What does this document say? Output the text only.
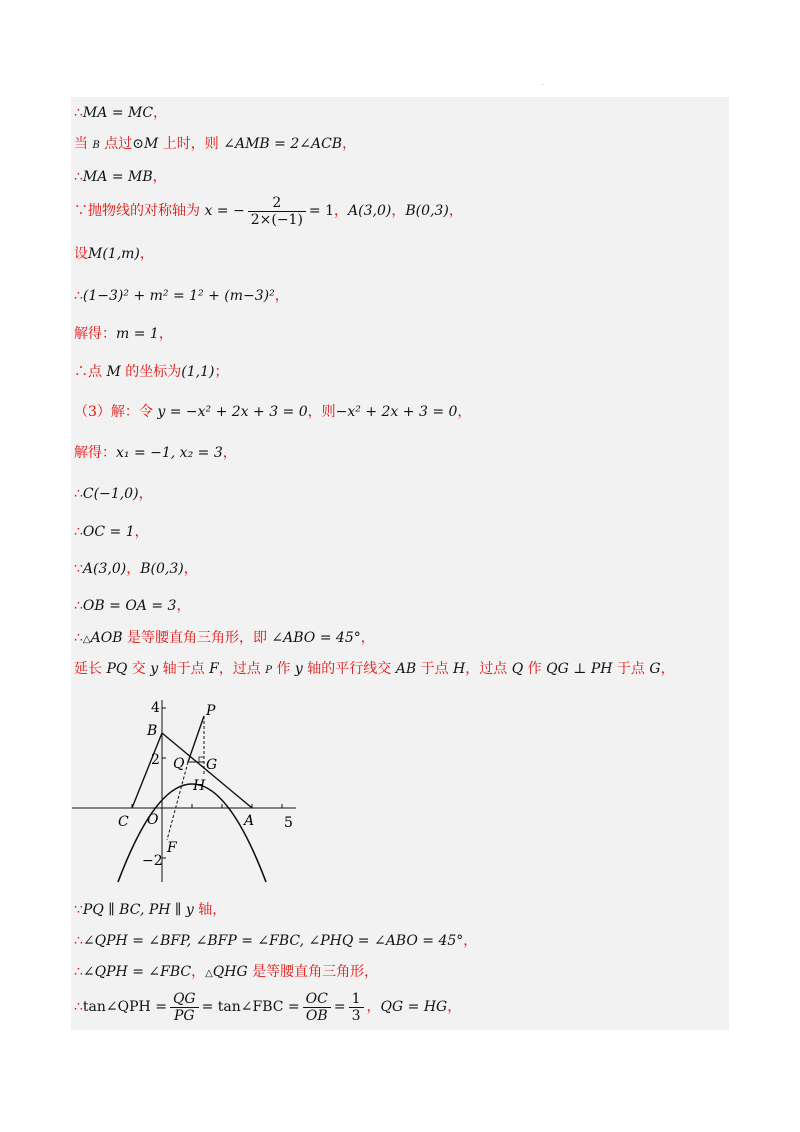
·
∴MA = MC，
当 B 点过⊙M 上时，则 ∠AMB = 2∠ACB，
∴MA = MB，
∵抛物线的对称轴为 x = − $\frac{2}{2\times(-1)} = 1$，A(3,0)，B(0,3)，
设M(1,m)，
∴(1−3)² + m² = 1² + (m−3)²，
解得：m = 1，
∴点 M 的坐标为(1,1)；
（3）解：令 y = −x² + 2x + 3 = 0，则−x² + 2x + 3 = 0，
解得：x₁ = −1, x₂ = 3，
∴C(−1,0)，
∴OC = 1，
∵A(3,0)，B(0,3)，
∴OB = OA = 3，
∴△AOB 是等腰直角三角形，即 ∠ABO = 45°，
延长 PQ 交 y 轴于点 F，过点 P 作 y 轴的平行线交 AB 于点 H，过点 Q 作 QG ⊥ PH 于点 G，
5
4
2
−2
B
P
Q G
H
C O	A
F
∵PQ ∥ BC, PH ∥ y 轴，
∴∠QPH = ∠BFP, ∠BFP = ∠FBC, ∠PHQ = ∠ABO = 45°，
∴∠QPH = ∠FBC，△QHG 是等腰直角三角形，
∴tan∠QPH = $\frac{QG}{PG}$ = tan∠FBC = $\frac{OC}{OB} = \frac{1}{3}$ ，QG = HG，
